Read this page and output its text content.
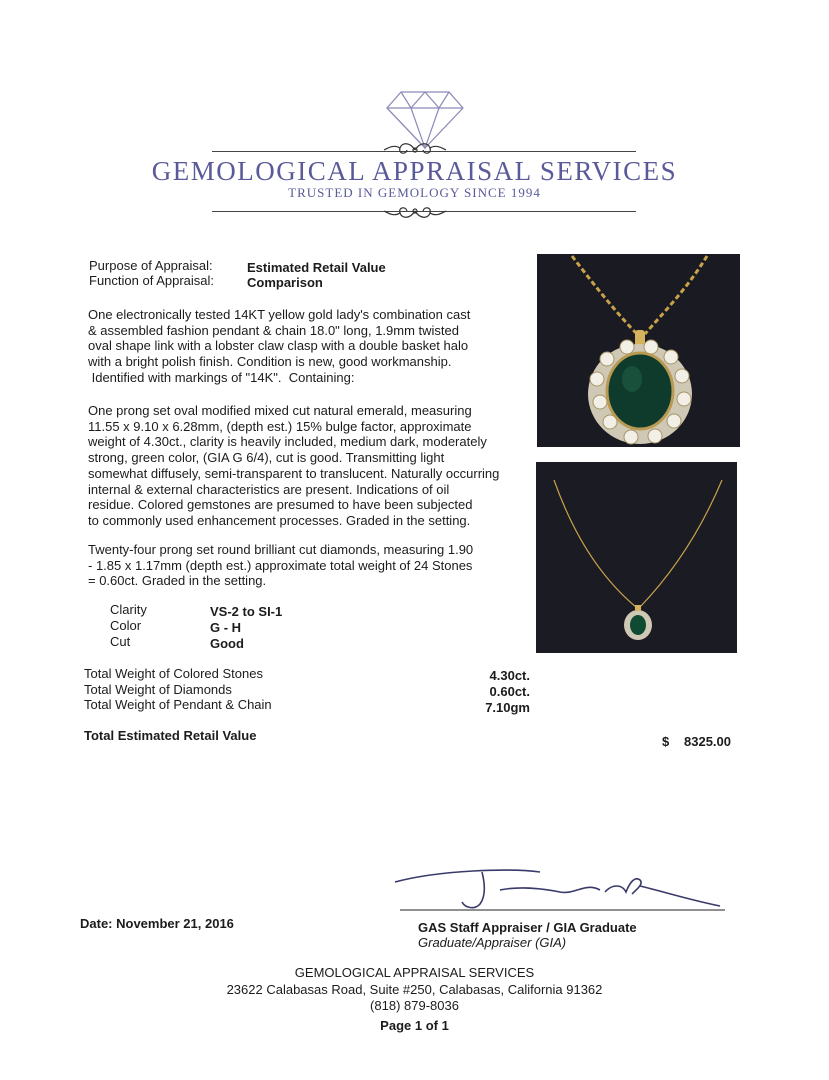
GEMOLOGICAL APPRAISAL SERVICES
TRUSTED IN GEMOLOGY SINCE 1994
Purpose of Appraisal:	Estimated Retail Value
Function of Appraisal:	Comparison
One electronically tested 14KT yellow gold lady's combination cast
& assembled fashion pendant & chain 18.0" long, 1.9mm twisted
oval shape link with a lobster claw clasp with a double basket halo
with a bright polish finish. Condition is new, good workmanship.
Identified with markings of "14K".  Containing:
One prong set oval modified mixed cut natural emerald, measuring
11.55 x 9.10 x 6.28mm, (depth est.) 15% bulge factor, approximate
weight of 4.30ct., clarity is heavily included, medium dark, moderately
strong, green color, (GIA G 6/4), cut is good. Transmitting light
somewhat diffusely, semi-transparent to translucent. Naturally occurring
internal & external characteristics are present. Indications of oil
residue. Colored gemstones are presumed to have been subjected
to commonly used enhancement processes. Graded in the setting.
Twenty-four prong set round brilliant cut diamonds, measuring 1.90
- 1.85 x 1.17mm (depth est.) approximate total weight of 24 Stones
= 0.60ct. Graded in the setting.
Clarity	VS-2 to SI-1
Color	G - H
Cut	Good
Total Weight of Colored Stones	4.30ct.
Total Weight of Diamonds	0.60ct.
Total Weight of Pendant & Chain	7.10gm
Total Estimated Retail Value	$ 8325.00
Date: November 21, 2016	GAS Staff Appraiser / GIA Graduate
Graduate/Appraiser (GIA)
GEMOLOGICAL APPRAISAL SERVICES
23622 Calabasas Road, Suite #250, Calabasas, California 91362
(818) 879-8036
Page 1 of 1
